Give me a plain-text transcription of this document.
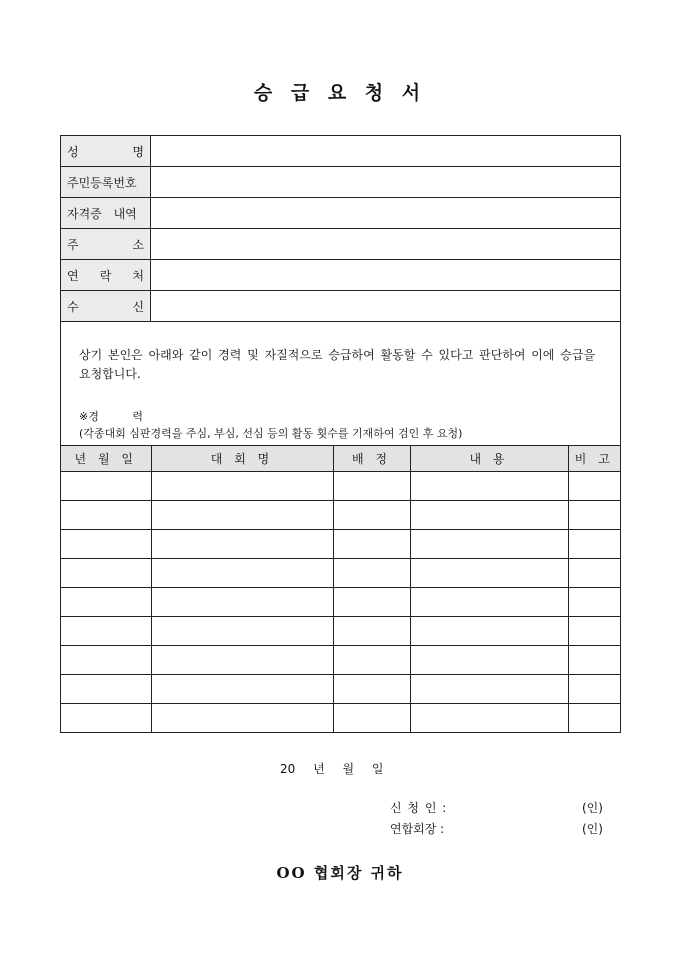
승 급 요 청 서
성	명
주민등록번호
자격증 내역
주	소
연 락 처
수	신
상기 본인은 아래와 같이 경력 및 자질적으로 승급하여 활동할 수 있다고 판단하여 이에 승급을 요청합니다.
※경 력
(각종대회 심판경력을 주심, 부심, 선심 등의 활동 횟수를 기재하여 검인 후 요청)
년 월 일	대 회 명	배 정	내 용	비 고

20 년 월 일
신 청 인 :	(인)
연합회장 :	(인)
OO 협회장 귀하
